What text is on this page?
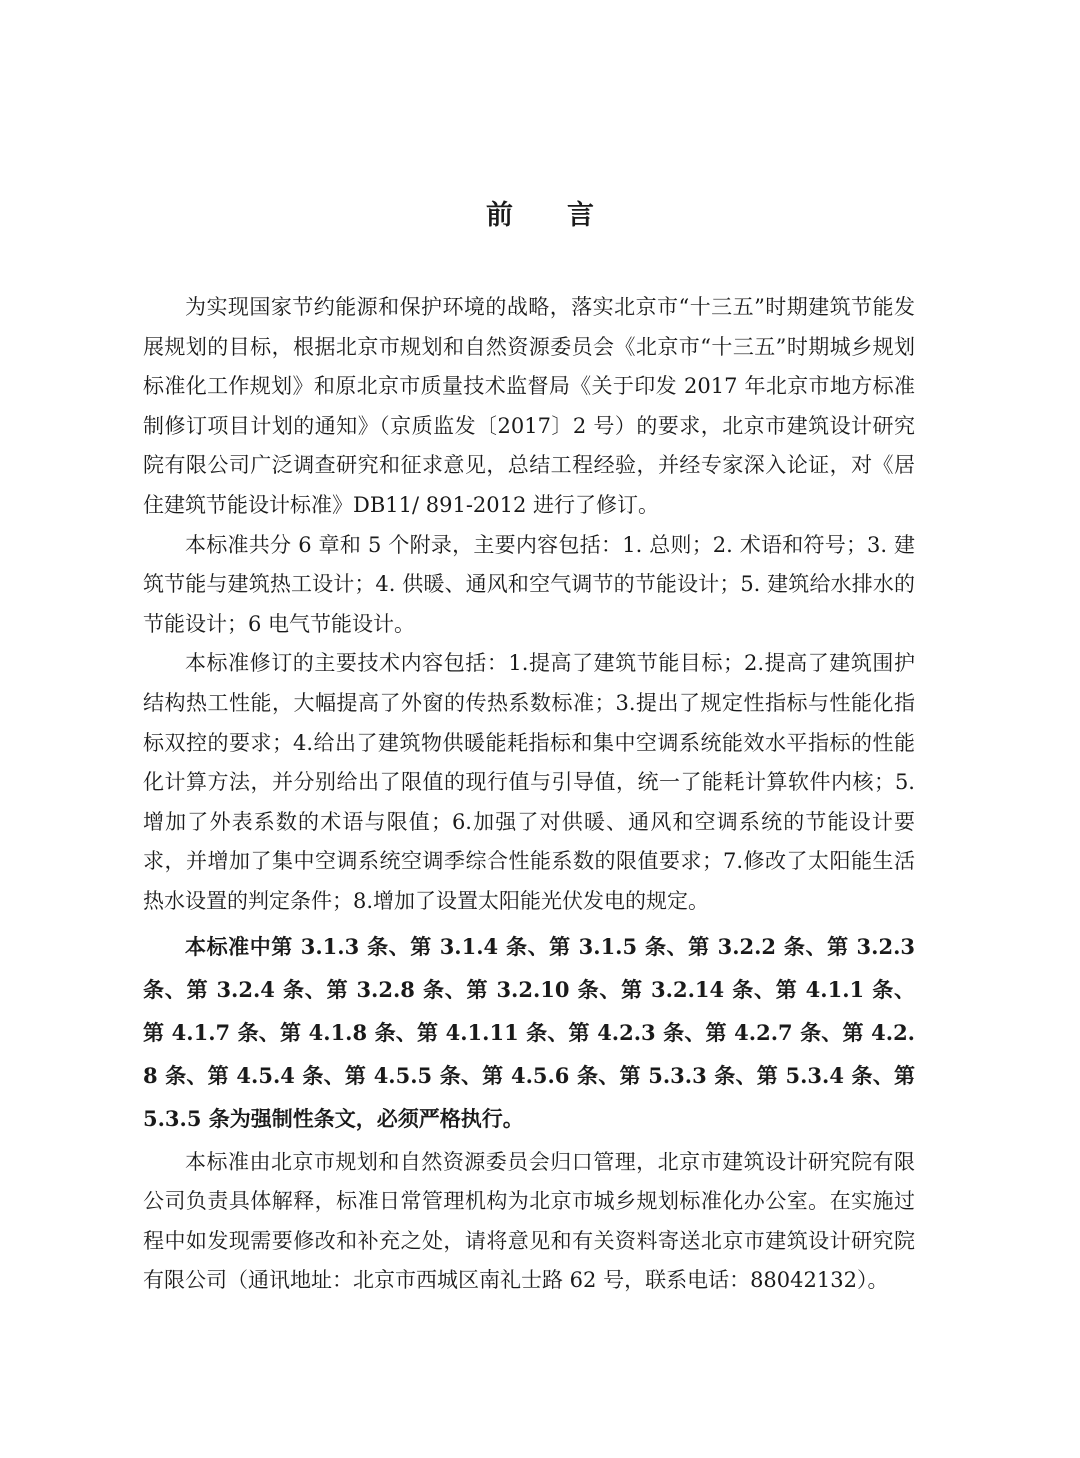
前言

为实现国家节约能源和保护环境的战略，落实北京市“十三五”时期建筑节能发展规划的目标，根据北京市规划和自然资源委员会《北京市“十三五”时期城乡规划标准化工作规划》和原北京市质量技术监督局《关于印发 2017 年北京市地方标准制修订项目计划的通知》（京质监发〔2017〕2 号）的要求，北京市建筑设计研究院有限公司广泛调查研究和征求意见，总结工程经验，并经专家深入论证，对《居住建筑节能设计标准》DB11/ 891-2012 进行了修订。

本标准共分 6 章和 5 个附录，主要内容包括：1. 总则；2. 术语和符号；3. 建筑节能与建筑热工设计；4. 供暖、通风和空气调节的节能设计；5. 建筑给水排水的节能设计；6 电气节能设计。

本标准修订的主要技术内容包括：1.提高了建筑节能目标；2.提高了建筑围护结构热工性能，大幅提高了外窗的传热系数标准；3.提出了规定性指标与性能化指标双控的要求；4.给出了建筑物供暖能耗指标和集中空调系统能效水平指标的性能化计算方法，并分别给出了限值的现行值与引导值，统一了能耗计算软件内核；5.增加了外表系数的术语与限值；6.加强了对供暖、通风和空调系统的节能设计要求，并增加了集中空调系统空调季综合性能系数的限值要求；7.修改了太阳能生活热水设置的判定条件；8.增加了设置太阳能光伏发电的规定。

本标准中第 3.1.3 条、第 3.1.4 条、第 3.1.5 条、第 3.2.2 条、第 3.2.3 条、第 3.2.4 条、第 3.2.8 条、第 3.2.10 条、第 3.2.14 条、第 4.1.1 条、第 4.1.7 条、第 4.1.8 条、第 4.1.11 条、第 4.2.3 条、第 4.2.7 条、第 4.2.8 条、第 4.5.4 条、第 4.5.5 条、第 4.5.6 条、第 5.3.3 条、第 5.3.4 条、第 5.3.5 条为强制性条文，必须严格执行。

本标准由北京市规划和自然资源委员会归口管理，北京市建筑设计研究院有限公司负责具体解释，标准日常管理机构为北京市城乡规划标准化办公室。在实施过程中如发现需要修改和补充之处，请将意见和有关资料寄送北京市建筑设计研究院有限公司（通讯地址：北京市西城区南礼士路 62 号，联系电话：88042132）。
